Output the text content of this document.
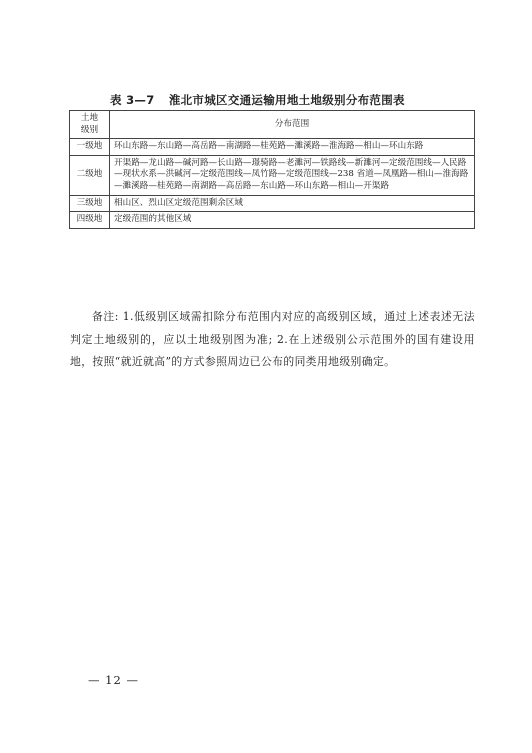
表 3—7 淮北市城区交通运输用地土地级别分布范围表
土地
级别	分布范围
一级地	环山东路—东山路—高岳路—南湖路—桂苑路—濉溪路—淮海路—相山—环山东路
二级地	开渠路—龙山路—碱河路—长山路—璟骑路—老濉河—铁路线—新濉河—定级范围线—人民路—现状水系—洪碱河—定级范围线—凤竹路—定级范围线—238 省道—凤凰路—相山—淮海路—濉溪路—桂苑路—南湖路—高岳路—东山路—环山东路—相山—开渠路
三级地	相山区、烈山区定级范围剩余区域
四级地	定级范围的其他区域
备注: 1.低级别区域需扣除分布范围内对应的高级别区域，通过上述表述无法判定土地级别的，应以土地级别图为准; 2.在上述级别公示范围外的国有建设用地，按照“就近就高”的方式参照周边已公布的同类用地级别确定。
— 12 —
